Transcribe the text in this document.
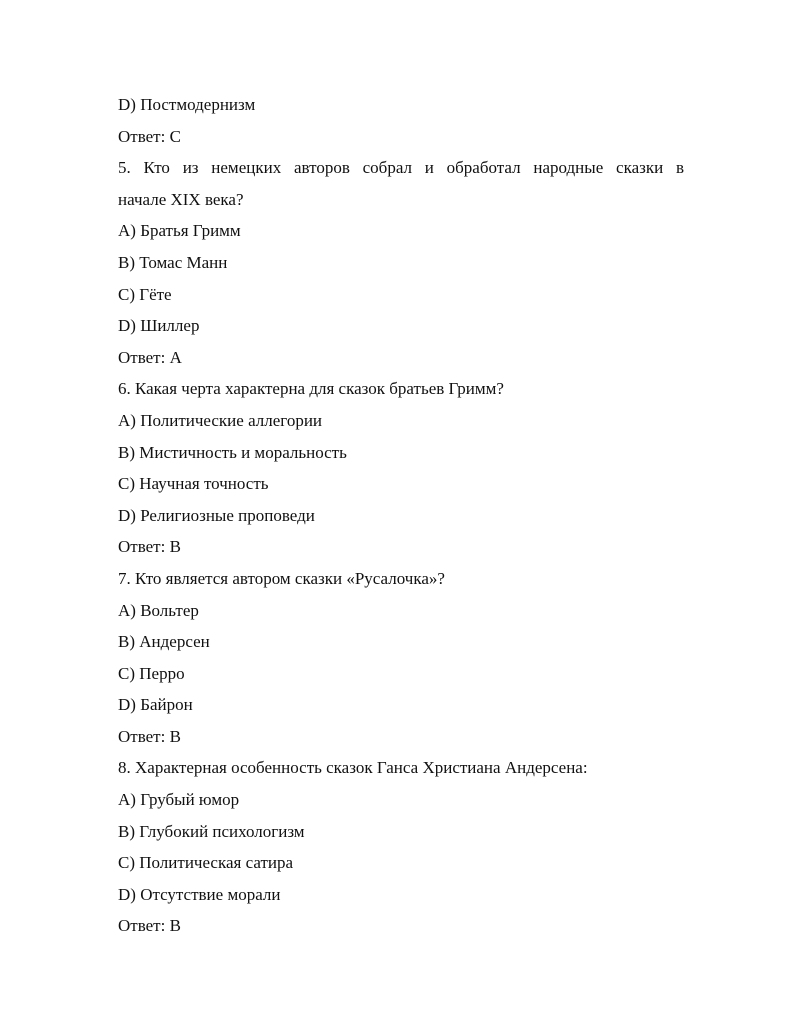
D) Постмодернизм
Ответ: C
5. Кто из немецких авторов собрал и обработал народные сказки в
начале XIX века?
A) Братья Гримм
B) Томас Манн
C) Гёте
D) Шиллер
Ответ: A
6. Какая черта характерна для сказок братьев Гримм?
A) Политические аллегории
B) Мистичность и моральность
C) Научная точность
D) Религиозные проповеди
Ответ: B
7. Кто является автором сказки «Русалочка»?
A) Вольтер
B) Андерсен
C) Перро
D) Байрон
Ответ: B
8. Характерная особенность сказок Ганса Христиана Андерсена:
A) Грубый юмор
B) Глубокий психологизм
C) Политическая сатира
D) Отсутствие морали
Ответ: B
